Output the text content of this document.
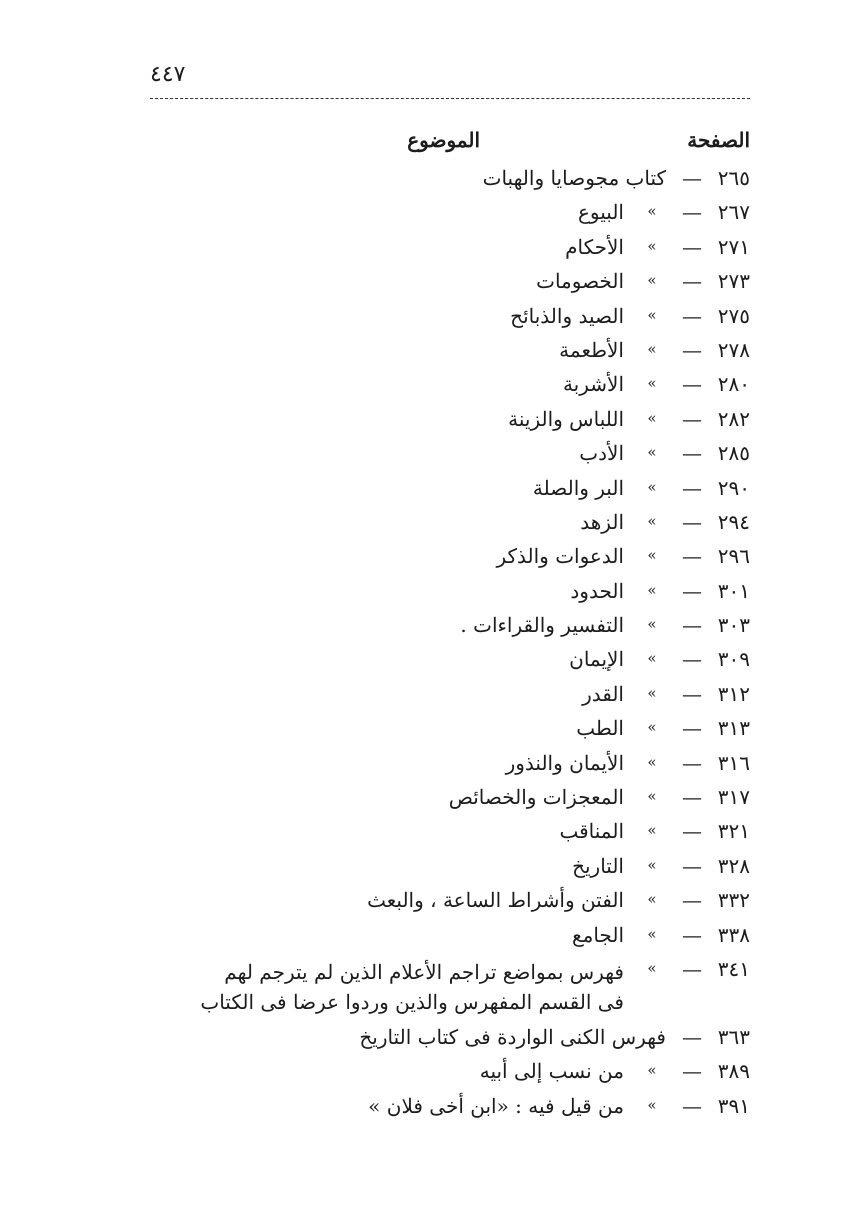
٤٤٧
الصفحة
الموضوع
٢٦٥
—
كتاب مجوصايا والهبات
٢٦٧
—
»
البيوع
٢٧١
—
»
الأحكام
٢٧٣
—
»
الخصومات
٢٧٥
—
»
الصيد والذبائح
٢٧٨
—
»
الأطعمة
٢٨٠
—
»
الأشربة
٢٨٢
—
»
اللباس والزينة
٢٨٥
—
»
الأدب
٢٩٠
—
»
البر والصلة
٢٩٤
—
»
الزهد
٢٩٦
—
»
الدعوات والذكر
٣٠١
—
»
الحدود
٣٠٣
—
»
التفسير والقراءات .
٣٠٩
—
»
الإيمان
٣١٢
—
»
القدر
٣١٣
—
»
الطب
٣١٦
—
»
الأيمان والنذور
٣١٧
—
»
المعجزات والخصائص
٣٢١
—
»
المناقب
٣٢٨
—
»
التاريخ
٣٣٢
—
»
الفتن وأشراط الساعة ، والبعث
٣٣٨
—
»
الجامع
٣٤١
—
»
فهرس بمواضع تراجم الأعلام الذين لم يترجم لهم
فى القسم المفهرس والذين وردوا عرضا فى الكتاب
٣٦٣
—
فهرس الكنى الواردة فى كتاب التاريخ
٣٨٩
—
»
من نسب إلى أبيه
٣٩١
—
»
من قيل فيه : «ابن أخى فلان »
